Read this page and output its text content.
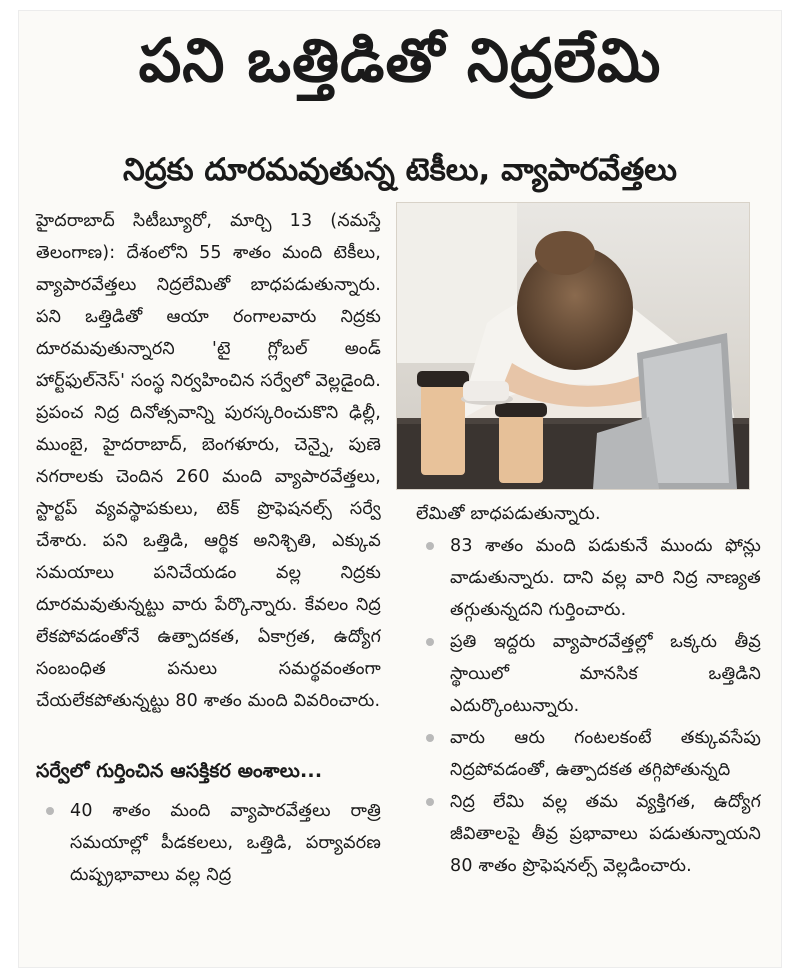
పని ఒత్తిడితో నిద్రలేమి
నిద్రకు దూరమవుతున్న టెకీలు, వ్యాపారవేత్తలు

హైదరాబాద్ సిటీబ్యూరో, మార్చి 13 (నమస్తే తెలంగాణ): దేశంలోని 55 శాతం మంది టెకీలు, వ్యాపారవేత్తలు నిద్రలేమితో బాధపడుతున్నారు. పని ఒత్తిడితో ఆయా రంగాలవారు నిద్రకు దూరమవుతున్నారని 'టై గ్లోబల్ అండ్ హార్ట్‌ఫుల్‌నెస్' సంస్థ నిర్వహించిన సర్వేలో వెల్లడైంది. ప్రపంచ నిద్ర దినోత్సవాన్ని పురస్కరించుకొని ఢిల్లీ, ముంబై, హైదరాబాద్, బెంగళూరు, చెన్నై, పుణె నగరాలకు చెందిన 260 మంది వ్యాపారవేత్తలు, స్టార్టప్ వ్యవస్థాపకులు, టెక్ ప్రొఫెషనల్స్ సర్వే చేశారు. పని ఒత్తిడి, ఆర్థిక అనిశ్చితి, ఎక్కువ సమయాలు పనిచేయడం వల్ల నిద్రకు దూరమవుతున్నట్టు వారు పేర్కొన్నారు. కేవలం నిద్ర లేకపోవడంతోనే ఉత్పాదకత, ఏకాగ్రత, ఉద్యోగ సంబంధిత పనులు సమర్థవంతంగా చేయలేకపోతున్నట్టు 80 శాతం మంది వివరించారు.

సర్వేలో గుర్తించిన ఆసక్తికర అంశాలు...

40 శాతం మంది వ్యాపారవేత్తలు రాత్రి సమయాల్లో పీడకలలు, ఒత్తిడి, పర్యావరణ దుష్ప్రభావాలు వల్ల నిద్ర

లేమితో బాధపడుతున్నారు.

83 శాతం మంది పడుకునే ముందు ఫోన్లు వాడుతున్నారు. దాని వల్ల వారి నిద్ర నాణ్యత తగ్గుతున్నదని గుర్తించారు.

ప్రతి ఇద్దరు వ్యాపారవేత్తల్లో ఒక్కరు తీవ్ర స్థాయిలో మానసిక ఒత్తిడిని ఎదుర్కొంటున్నారు.

వారు ఆరు గంటలకంటే తక్కువసేపు నిద్రపోవడంతో, ఉత్పాదకత తగ్గిపోతున్నది

నిద్ర లేమి వల్ల తమ వ్యక్తిగత, ఉద్యోగ జీవితాలపై తీవ్ర ప్రభావాలు పడుతున్నాయని 80 శాతం ప్రొఫెషనల్స్ వెల్లడించారు.
